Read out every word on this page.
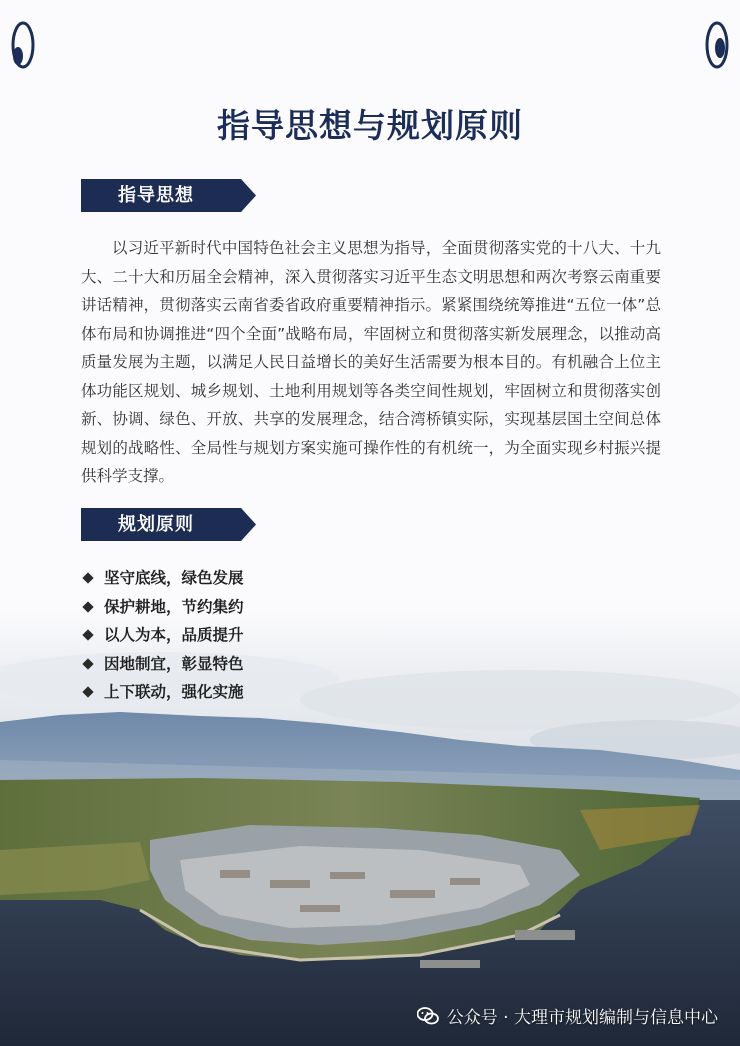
指导思想与规划原则
指导思想

以习近平新时代中国特色社会主义思想为指导，全面贯彻落实党的十八大、十九大、二十大和历届全会精神，深入贯彻落实习近平生态文明思想和两次考察云南重要讲话精神，贯彻落实云南省委省政府重要精神指示。紧紧围绕统筹推进“五位一体”总体布局和协调推进“四个全面”战略布局，牢固树立和贯彻落实新发展理念，以推动高质量发展为主题，以满足人民日益增长的美好生活需要为根本目的。有机融合上位主体功能区规划、城乡规划、土地利用规划等各类空间性规划，牢固树立和贯彻落实创新、协调、绿色、开放、共享的发展理念，结合湾桥镇实际，实现基层国土空间总体规划的战略性、全局性与规划方案实施可操作性的有机统一，为全面实现乡村振兴提供科学支撑。

规划原则
坚守底线，绿色发展
保护耕地，节约集约
以人为本，品质提升
因地制宜，彰显特色
上下联动，强化实施
公众号 · 大理市规划编制与信息中心
